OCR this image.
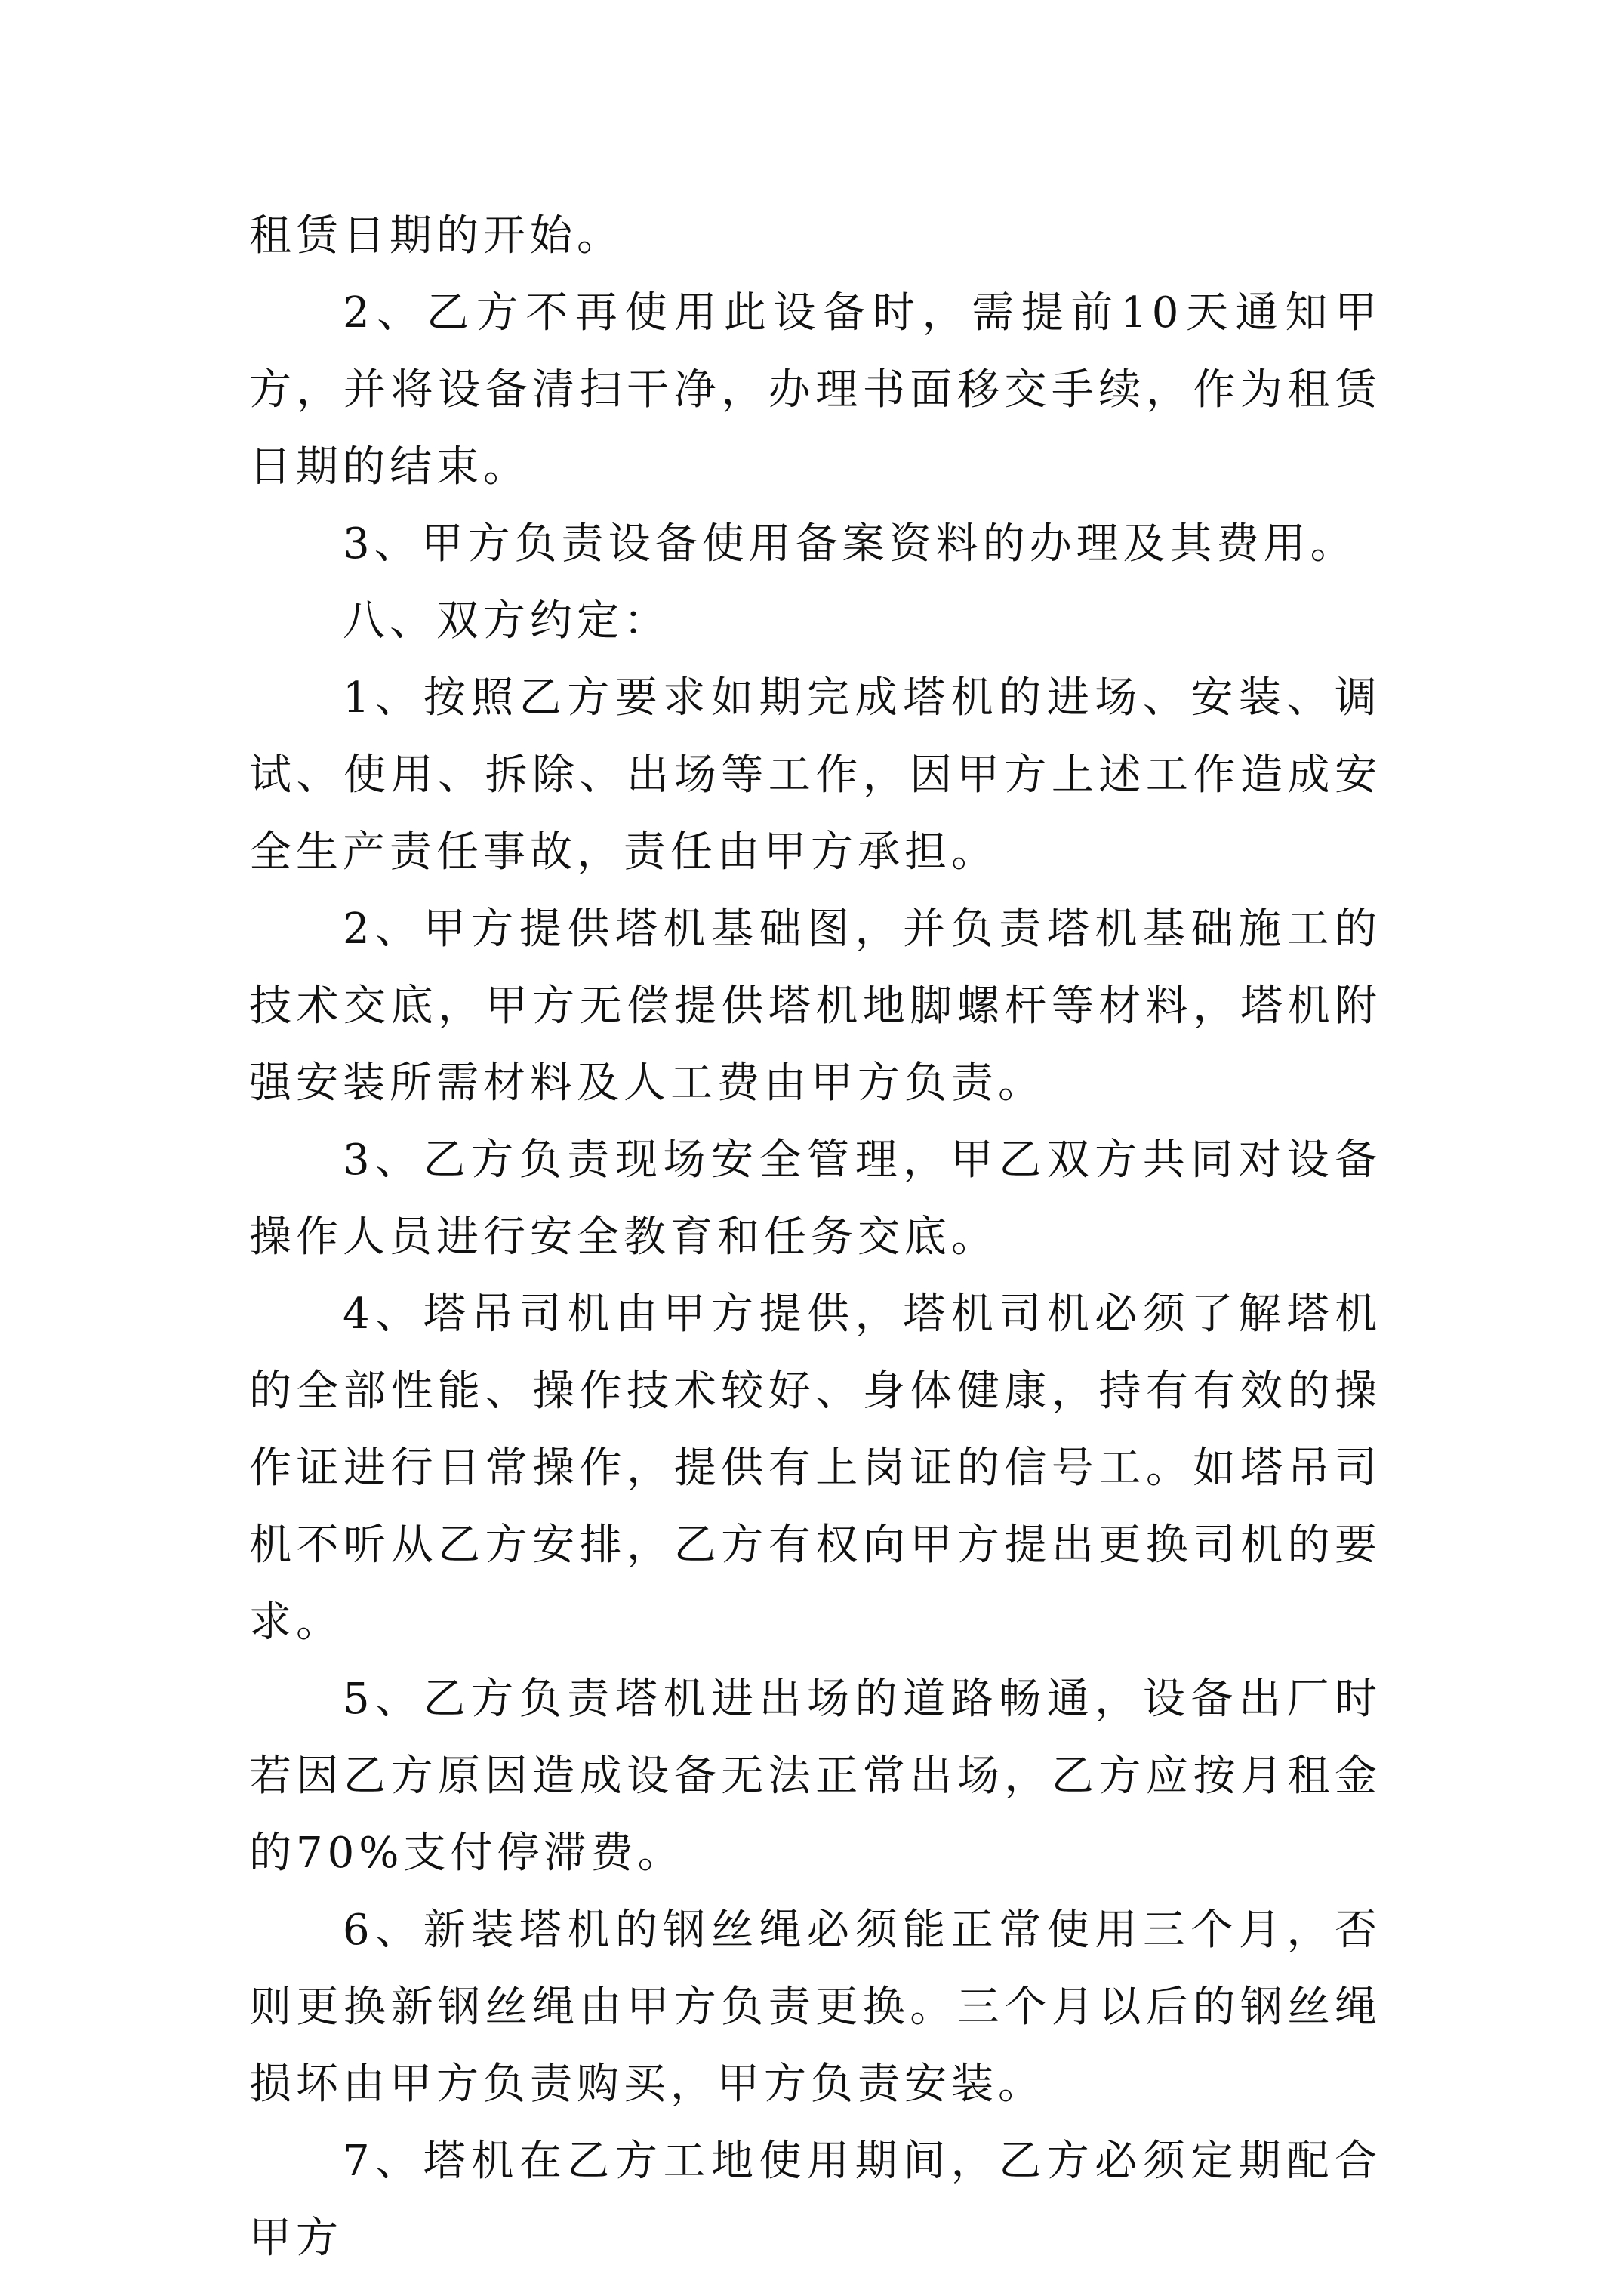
租赁日期的开始。

2、乙方不再使用此设备时，需提前10天通知甲方，并将设备清扫干净，办理书面移交手续，作为租赁日期的结束。

3、甲方负责设备使用备案资料的办理及其费用。

八、双方约定：

1、按照乙方要求如期完成塔机的进场、安装、调试、使用、拆除、出场等工作，因甲方上述工作造成安全生产责任事故，责任由甲方承担。

2、甲方提供塔机基础图，并负责塔机基础施工的技术交底，甲方无偿提供塔机地脚螺杆等材料，塔机附强安装所需材料及人工费由甲方负责。

3、乙方负责现场安全管理，甲乙双方共同对设备操作人员进行安全教育和任务交底。

4、塔吊司机由甲方提供，塔机司机必须了解塔机的全部性能、操作技术较好、身体健康，持有有效的操作证进行日常操作，提供有上岗证的信号工。如塔吊司机不听从乙方安排，乙方有权向甲方提出更换司机的要求。

5、乙方负责塔机进出场的道路畅通，设备出厂时若因乙方原因造成设备无法正常出场，乙方应按月租金的70%支付停滞费。

6、新装塔机的钢丝绳必须能正常使用三个月，否则更换新钢丝绳由甲方负责更换。三个月以后的钢丝绳损坏由甲方负责购买，甲方负责安装。

7、塔机在乙方工地使用期间，乙方必须定期配合甲方
